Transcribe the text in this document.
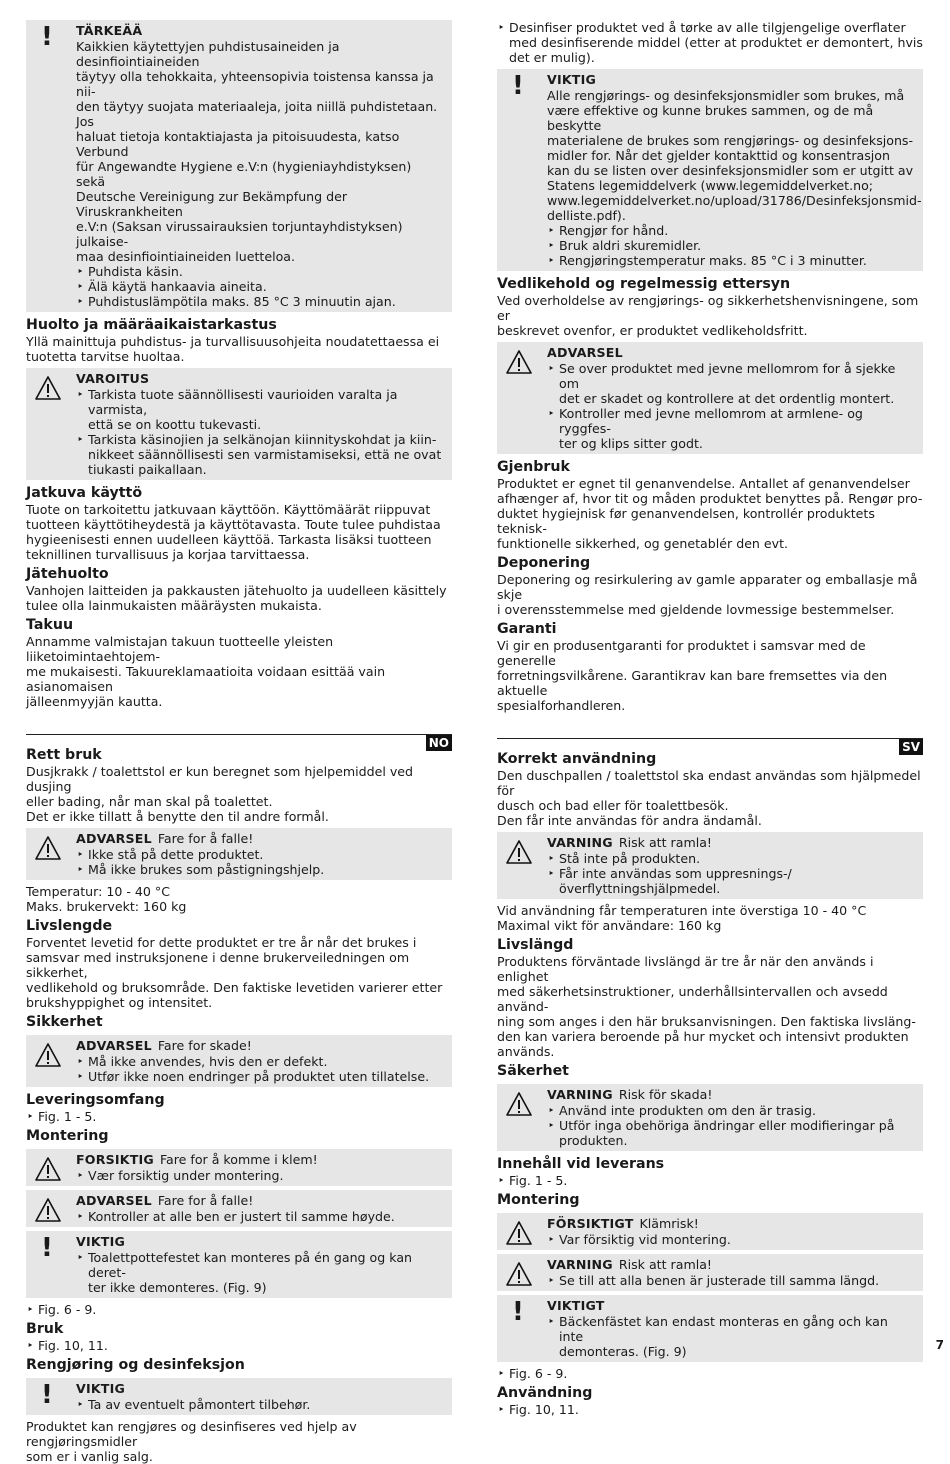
! TÄRKEÄÄ
Kaikkien käytettyjen puhdistusaineiden ja desinfiointiaineiden
täytyy olla tehokkaita, yhteensopivia toistensa kanssa ja nii-
den täytyy suojata materiaaleja, joita niillä puhdistetaan. Jos
haluat tietoja kontaktiajasta ja pitoisuudesta, katso Verbund
für Angewandte Hygiene e.V:n (hygieniayhdistyksen) sekä
Deutsche Vereinigung zur Bekämpfung der Viruskrankheiten
e.V:n (Saksan virussairauksien torjuntayhdistyksen) julkaise-
maa desinfiointiaineiden luetteloa.
‣ Puhdista käsin.
‣ Älä käytä hankaavia aineita.
‣ Puhdistuslämpötila maks. 85 °C 3 minuutin ajan.
Huolto ja määräaikaistarkastus
Yllä mainittuja puhdistus- ja turvallisuusohjeita noudatettaessa ei
tuotetta tarvitse huoltaa.
VAROITUS
‣ Tarkista tuote säännöllisesti vaurioiden varalta ja varmista,
että se on koottu tukevasti.
‣ Tarkista käsinojien ja selkänojan kiinnityskohdat ja kiin-
nikkeet säännöllisesti sen varmistamiseksi, että ne ovat
tiukasti paikallaan.
Jatkuva käyttö
Tuote on tarkoitettu jatkuvaan käyttöön. Käyttömäärät riippuvat
tuotteen käyttötiheydestä ja käyttötavasta. Toute tulee puhdistaa
hygieenisesti ennen uudelleen käyttöä. Tarkasta lisäksi tuotteen
teknillinen turvallisuus ja korjaa tarvittaessa.
Jätehuolto
Vanhojen laitteiden ja pakkausten jätehuolto ja uudelleen käsittely
tulee olla lainmukaisten määräysten mukaista.
Takuu
Annamme valmistajan takuun tuotteelle yleisten liiketoimintaehtojem-
me mukaisesti. Takuureklamaatioita voidaan esittää vain asianomaisen
jälleenmyyjän kautta.
NO
Rett bruk
Dusjkrakk / toalettstol er kun beregnet som hjelpemiddel ved dusjing
eller bading, når man skal på toalettet.
Det er ikke tillatt å benytte den til andre formål.
ADVARSEL Fare for å falle!
‣ Ikke stå på dette produktet.
‣ Må ikke brukes som påstigningshjelp.
Temperatur: 10 - 40 °C
Maks. brukervekt: 160 kg
Livslengde
Forventet levetid for dette produktet er tre år når det brukes i
samsvar med instruksjonene i denne brukerveiledningen om sikkerhet,
vedlikehold og bruksområde. Den faktiske levetiden varierer etter
brukshyppighet og intensitet.
Sikkerhet
ADVARSEL Fare for skade!
‣ Må ikke anvendes, hvis den er defekt.
‣ Utfør ikke noen endringer på produktet uten tillatelse.
Leveringsomfang
‣ Fig. 1 - 5.
Montering
FORSIKTIG Fare for å komme i klem!
‣ Vær forsiktig under montering.
ADVARSEL Fare for å falle!
‣ Kontroller at alle ben er justert til samme høyde.
! VIKTIG
‣ Toalettpottefestet kan monteres på én gang og kan deret-
ter ikke demonteres. (Fig. 9)
‣ Fig. 6 - 9.
Bruk
‣ Fig. 10, 11.
Rengjøring og desinfeksjon
! VIKTIG
‣ Ta av eventuelt påmontert tilbehør.
Produktet kan rengjøres og desinfiseres ved hjelp av rengjøringsmidler
som er i vanlig salg.
‣ Desinfiser produktet ved å tørke av alle tilgjengelige overflater
med desinfiserende middel (etter at produktet er demontert, hvis
det er mulig).
! VIKTIG
Alle rengjørings- og desinfeksjonsmidler som brukes, må
være effektive og kunne brukes sammen, og de må beskytte
materialene de brukes som rengjørings- og desinfeksjons-
midler for. Når det gjelder kontakttid og konsentrasjon
kan du se listen over desinfeksjonsmidler som er utgitt av
Statens legemiddelverk (www.legemiddelverket.no;
www.legemiddelverket.no/upload/31786/Desinfeksjonsmid-
delliste.pdf).
‣ Rengjør for hånd.
‣ Bruk aldri skuremidler.
‣ Rengjøringstemperatur maks. 85 °C i 3 minutter.
Vedlikehold og regelmessig ettersyn
Ved overholdelse av rengjørings- og sikkerhetshenvisningene, som er
beskrevet ovenfor, er produktet vedlikeholdsfritt.
ADVARSEL
‣ Se over produktet med jevne mellomrom for å sjekke om
det er skadet og kontrollere at det ordentlig montert.
‣ Kontroller med jevne mellomrom at armlene- og ryggfes-
ter og klips sitter godt.
Gjenbruk
Produktet er egnet til genanvendelse. Antallet af genanvendelser
afhænger af, hvor tit og måden produktet benyttes på. Rengør pro-
duktet hygiejnisk før genanvendelsen, kontrollér produktets teknisk-
funktionelle sikkerhed, og genetablér den evt.
Deponering
Deponering og resirkulering av gamle apparater og emballasje må skje
i overensstemmelse med gjeldende lovmessige bestemmelser.
Garanti
Vi gir en produsentgaranti for produktet i samsvar med de generelle
forretningsvilkårene. Garantikrav kan bare fremsettes via den aktuelle
spesialforhandleren.
SV
Korrekt användning
Den duschpallen / toalettstol ska endast användas som hjälpmedel för
dusch och bad eller för toalettbesök.
Den får inte användas för andra ändamål.
VARNING Risk att ramla!
‣ Stå inte på produkten.
‣ Får inte användas som uppresnings-/
överflyttningshjälpmedel.
Vid användning får temperaturen inte överstiga 10 - 40 °C
Maximal vikt för användare: 160 kg
Livslängd
Produktens förväntade livslängd är tre år när den används i enlighet
med säkerhetsinstruktioner, underhållsintervallen och avsedd använd-
ning som anges i den här bruksanvisningen. Den faktiska livsläng-
den kan variera beroende på hur mycket och intensivt produkten
används.
Säkerhet
VARNING Risk för skada!
‣ Använd inte produkten om den är trasig.
‣ Utför inga obehöriga ändringar eller modifieringar på
produkten.
Innehåll vid leverans
‣ Fig. 1 - 5.
Montering
FÖRSIKTIGT Klämrisk!
‣ Var försiktig vid montering.
VARNING Risk att ramla!
‣ Se till att alla benen är justerade till samma längd.
! VIKTIGT
‣ Bäckenfästet kan endast monteras en gång och kan inte
demonteras. (Fig. 9)
‣ Fig. 6 - 9.
Användning
‣ Fig. 10, 11.
7
